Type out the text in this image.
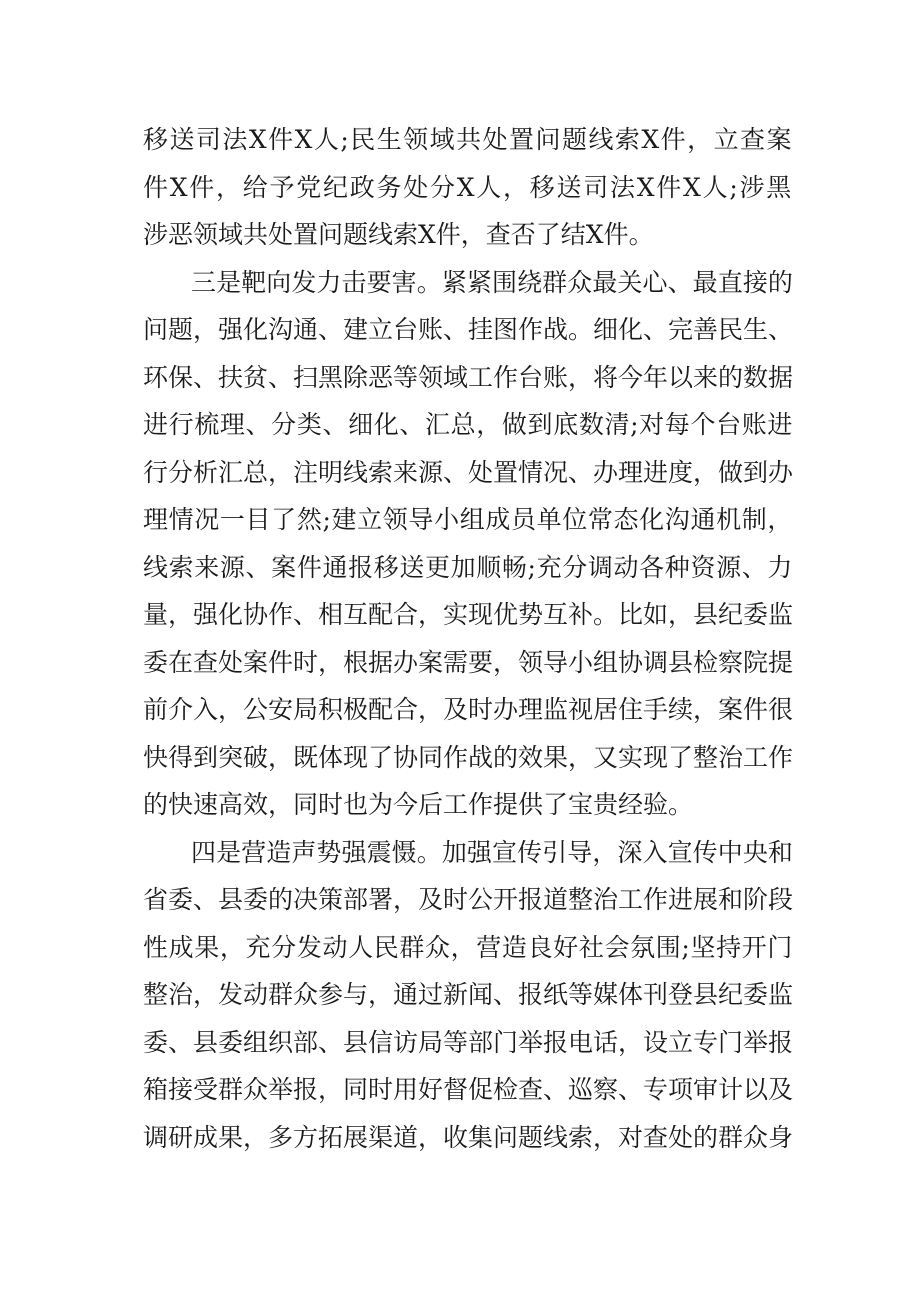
移送司法X件X人;民生领域共处置问题线索X件，立查案
件X件，给予党纪政务处分X人，移送司法X件X人;涉黑
涉恶领域共处置问题线索X件，查否了结X件。
三是靶向发力击要害。紧紧围绕群众最关心、最直接的
问题，强化沟通、建立台账、挂图作战。细化、完善民生、
环保、扶贫、扫黑除恶等领域工作台账，将今年以来的数据
进行梳理、分类、细化、汇总，做到底数清;对每个台账进
行分析汇总，注明线索来源、处置情况、办理进度，做到办
理情况一目了然;建立领导小组成员单位常态化沟通机制，
线索来源、案件通报移送更加顺畅;充分调动各种资源、力
量，强化协作、相互配合，实现优势互补。比如，县纪委监
委在查处案件时，根据办案需要，领导小组协调县检察院提
前介入，公安局积极配合，及时办理监视居住手续，案件很
快得到突破，既体现了协同作战的效果，又实现了整治工作
的快速高效，同时也为今后工作提供了宝贵经验。
四是营造声势强震慑。加强宣传引导，深入宣传中央和
省委、县委的决策部署，及时公开报道整治工作进展和阶段
性成果，充分发动人民群众，营造良好社会氛围;坚持开门
整治，发动群众参与，通过新闻、报纸等媒体刊登县纪委监
委、县委组织部、县信访局等部门举报电话，设立专门举报
箱接受群众举报，同时用好督促检查、巡察、专项审计以及
调研成果，多方拓展渠道，收集问题线索，对查处的群众身
